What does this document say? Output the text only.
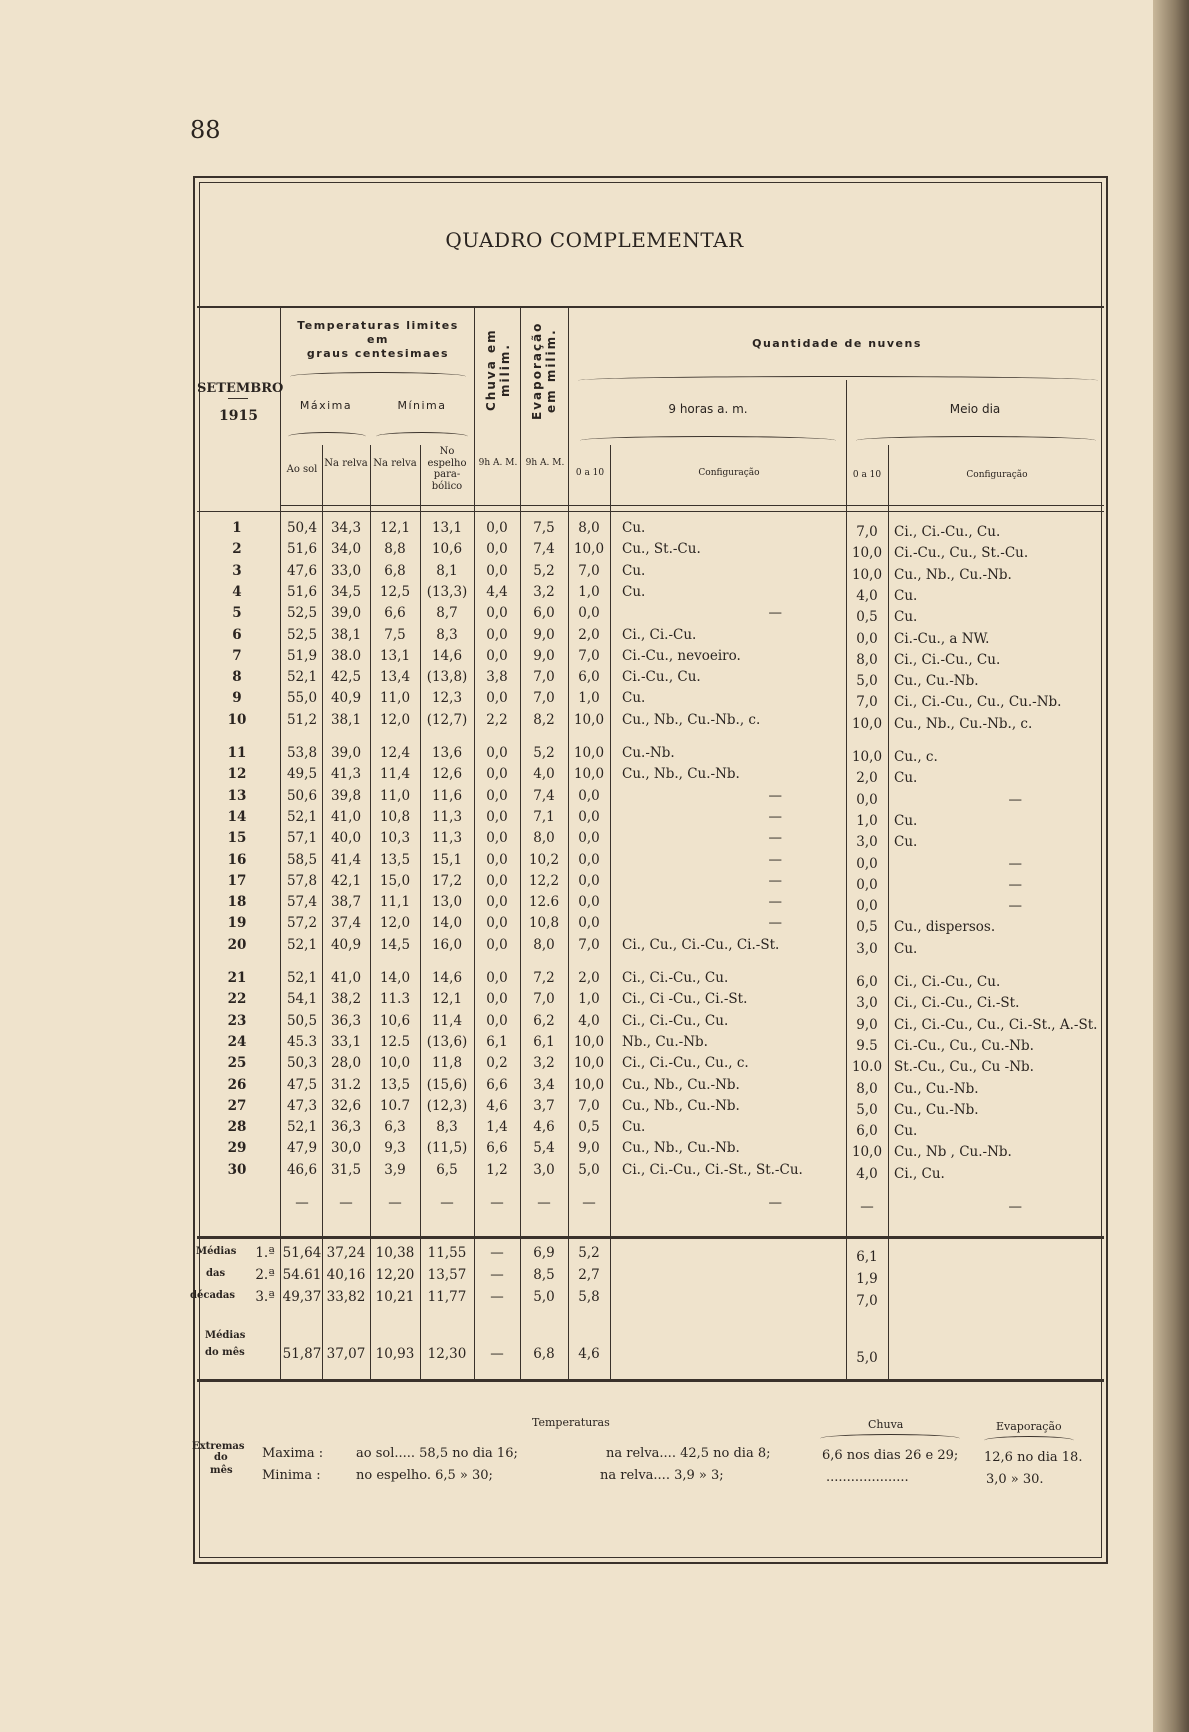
88
QUADRO COMPLEMENTAR
SETEMBRO
1915
Temperaturas limites
em
graus centesimaes
Máxima	Mínima	Chuva em milim. Evaporação em milim.	Quantidade de nuvens
9 horas a. m.	Meio dia
Ao sol
Na relva Na relva
No espelho para-bólico
9h A. M. 9h A. M.
0 a 10	Configuração	0 a 10	Configuração
1	50,4	34,3	12,1	13,1	0,0	7,5	8,0	Cu.	7,0	Ci., Ci.-Cu., Cu.
2	51,6	34,0	8,8	10,6	0,0	7,4	10,0	Cu., St.-Cu.	10,0 Ci.-Cu., Cu., St.-Cu.
3	47,6	33,0	6,8	8,1	0,0	5,2	7,0	Cu.	10,0 Cu., Nb., Cu.-Nb.
4	51,6	34,5	12,5	(13,3)	4,4	3,2	1,0	Cu.	4,0	Cu.
5	52,5	39,0	6,6	8,7	0,0	6,0	0,0	—	0,5	Cu.
6	52,5	38,1	7,5	8,3	0,0	9,0	2,0	Ci., Ci.-Cu.	0,0	Ci.-Cu., a NW.
7	51,9	38.0	13,1	14,6	0,0	9,0	7,0	Ci.-Cu., nevoeiro.	8,0	Ci., Ci.-Cu., Cu.
8	52,1	42,5	13,4	(13,8)	3,8	7,0	6,0	Ci.-Cu., Cu.	5,0	Cu., Cu.-Nb.
9	55,0	40,9	11,0	12,3	0,0	7,0	1,0	Cu.	7,0	Ci., Ci.-Cu., Cu., Cu.-Nb.
10	51,2	38,1	12,0	(12,7)	2,2	8,2	10,0	Cu., Nb., Cu.-Nb., c.	10,0 Cu., Nb., Cu.-Nb., c.
11	53,8	39,0	12,4	13,6	0,0	5,2	10,0	Cu.-Nb.	10,0 Cu., c.
12	49,5	41,3	11,4	12,6	0,0	4,0	10,0	Cu., Nb., Cu.-Nb.	2,0	Cu.
13	50,6	39,8	11,0	11,6	0,0	7,4	0,0	—	0,0	—
14	52,1	41,0	10,8	11,3	0,0	7,1	0,0	—	1,0	Cu.
15	57,1	40,0	10,3	11,3	0,0	8,0	0,0	—	3,0	Cu.
16	58,5	41,4	13,5	15,1	0,0	10,2	0,0	—	0,0	—
17	57,8	42,1	15,0	17,2	0,0	12,2	0,0	—	0,0	—
18	57,4	38,7	11,1	13,0	0,0	12.6	0,0	—	0,0	—
19	57,2	37,4	12,0	14,0	0,0	10,8	0,0	—	0,5	Cu., dispersos.
20	52,1	40,9	14,5	16,0	0,0	8,0	7,0	Ci., Cu., Ci.-Cu., Ci.-St.	3,0	Cu.
21	52,1	41,0	14,0	14,6	0,0	7,2	2,0	Ci., Ci.-Cu., Cu.	6,0	Ci., Ci.-Cu., Cu.
22	54,1	38,2	11.3	12,1	0,0	7,0	1,0	Ci., Ci -Cu., Ci.-St.	3,0	Ci., Ci.-Cu., Ci.-St.
23	50,5	36,3	10,6	11,4	0,0	6,2	4,0	Ci., Ci.-Cu., Cu.	9,0	Ci., Ci.-Cu., Cu., Ci.-St., A.-St.
24	45.3	33,1	12.5	(13,6)	6,1	6,1	10,0	Nb., Cu.-Nb.	9.5	Ci.-Cu., Cu., Cu.-Nb.
25	50,3	28,0	10,0	11,8	0,2	3,2	10,0	Ci., Ci.-Cu., Cu., c.	10.0 St.-Cu., Cu., Cu -Nb.
26	47,5	31.2	13,5	(15,6)	6,6	3,4	10,0	Cu., Nb., Cu.-Nb.	8,0	Cu., Cu.-Nb.
27	47,3	32,6	10.7	(12,3)	4,6	3,7	7,0	Cu., Nb., Cu.-Nb.	5,0	Cu., Cu.-Nb.
28	52,1	36,3	6,3	8,3	1,4	4,6	0,5	Cu.	6,0	Cu.
29	47,9	30,0	9,3	(11,5)	6,6	5,4	9,0	Cu., Nb., Cu.-Nb.	10,0 Cu., Nb , Cu.-Nb.
30	46,6	31,5	3,9	6,5	1,2	3,0	5,0	Ci., Ci.-Cu., Ci.-St., St.-Cu.	4,0	Ci., Cu.
—	—	—	—	—	—	—	—	—	—
1.ª 51,64 37,24 10,38 11,55	—	6,9	5,2	6,1
2.ª 54.61 40,16 12,20 13,57	—	8,5	2,7	1,9
3.ª 49,37 33,82 10,21 11,77	—	5,0	5,8	7,0
51,87 37,07 10,93 12,30	—	6,8	4,6	5,0
Médias
das
décadas
Médias
do mês
Temperaturas	Chuva	Evaporação
Extremas
do
mês
Maxima :
Minima :
ao sol..... 58,5 no dia 16;	na relva.... 42,5 no dia 8;	6,6 nos dias 26 e 29; 12,6 no dia 18.
no espelho. 6,5 » 30;	na relva.... 3,9 » 3;	....................	3,0 » 30.
